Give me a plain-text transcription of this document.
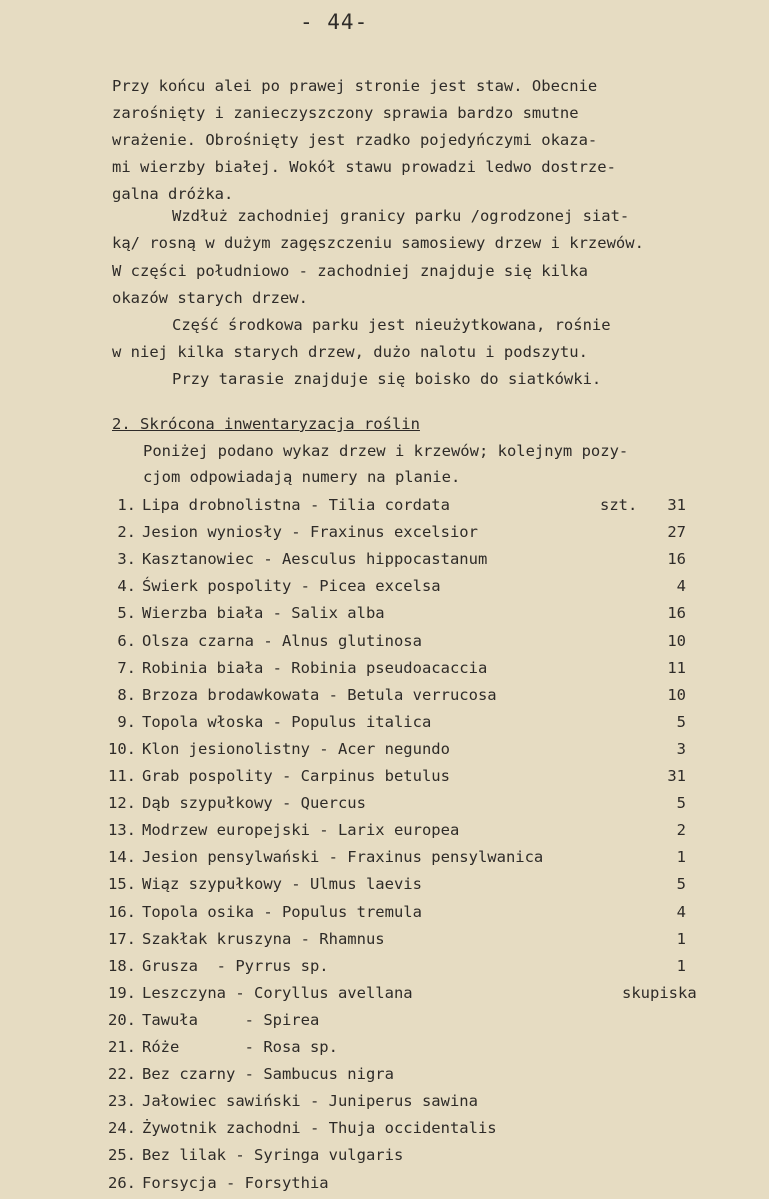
- 44-
Przy końcu alei po prawej stronie jest staw. Obecnie
zarośnięty i zanieczyszczony sprawia bardzo smutne
wrażenie. Obrośnięty jest rzadko pojedyńczymi okaza-
mi wierzby białej. Wokół stawu prowadzi ledwo dostrze-
galna dróżka.
Wzdłuż zachodniej granicy parku /ogrodzonej siat-
ką/ rosną w dużym zagęszczeniu samosiewy drzew i krzewów.
W części południowo - zachodniej znajduje się kilka
okazów starych drzew.
Część środkowa parku jest nieużytkowana, rośnie
w niej kilka starych drzew, dużo nalotu i podszytu.
Przy tarasie znajduje się boisko do siatkówki.
2. Skrócona inwentaryzacja roślin
Poniżej podano wykaz drzew i krzewów; kolejnym pozy-
cjom odpowiadają numery na planie.
szt.
1. Lipa drobnolistna - Tilia cordata	31
2. Jesion wyniosły - Fraxinus excelsior	27
3. Kasztanowiec - Aesculus hippocastanum	16
4. Świerk pospolity - Picea excelsa	4
5. Wierzba biała - Salix alba	16
6. Olsza czarna - Alnus glutinosa	10
7. Robinia biała - Robinia pseudoacaccia	11
8. Brzoza brodawkowata - Betula verrucosa	10
9. Topola włoska - Populus italica	5
10. Klon jesionolistny - Acer negundo	3
11. Grab pospolity - Carpinus betulus	31
12. Dąb szypułkowy - Quercus	5
13. Modrzew europejski - Larix europea	2
14. Jesion pensylwański - Fraxinus pensylwanica	1
15. Wiąz szypułkowy - Ulmus laevis	5
16. Topola osika - Populus tremula	4
17. Szakłak kruszyna - Rhamnus	1
18. Grusza  - Pyrrus sp.	1
19. Leszczyna - Coryllus avellana	skupiska
20. Tawuła     - Spirea
21. Róże       - Rosa sp.
22. Bez czarny - Sambucus nigra
23. Jałowiec sawiński - Juniperus sawina
24. Żywotnik zachodni - Thuja occidentalis
25. Bez lilak - Syringa vulgaris
26. Forsycja - Forsythia
